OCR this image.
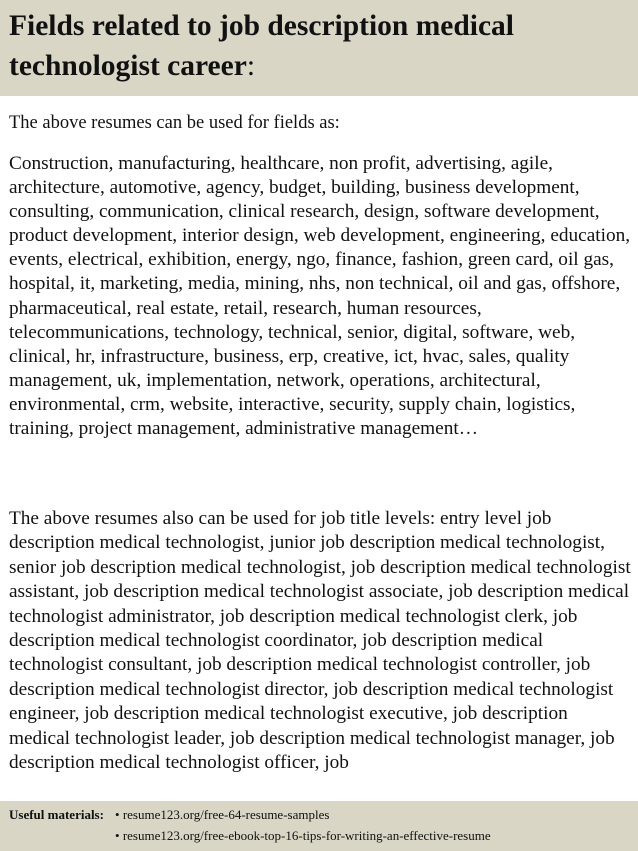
Fields related to job description medical technologist career:

The above resumes can be used for fields as:

Construction, manufacturing, healthcare, non profit, advertising, agile, architecture, automotive, agency, budget, building, business development, consulting, communication, clinical research, design, software development, product development, interior design, web development, engineering, education, events, electrical, exhibition, energy, ngo, finance, fashion, green card, oil gas, hospital, it, marketing, media, mining, nhs, non technical, oil and gas, offshore, pharmaceutical, real estate, retail, research, human resources, telecommunications, technology, technical, senior, digital, software, web, clinical, hr, infrastructure, business, erp, creative, ict, hvac, sales, quality management, uk, implementation, network, operations, architectural, environmental, crm, website, interactive, security, supply chain, logistics, training, project management, administrative management…

The above resumes also can be used for job title levels: entry level job description medical technologist, junior job description medical technologist, senior job description medical technologist, job description medical technologist assistant, job description medical technologist associate, job description medical technologist administrator, job description medical technologist clerk, job description medical technologist coordinator, job description medical technologist consultant, job description medical technologist controller, job description medical technologist director, job description medical technologist engineer, job description medical technologist executive, job description medical technologist leader, job description medical technologist manager, job description medical technologist officer, job

Useful materials: • resume123.org/free-64-resume-samples
• resume123.org/free-ebook-top-16-tips-for-writing-an-effective-resume
